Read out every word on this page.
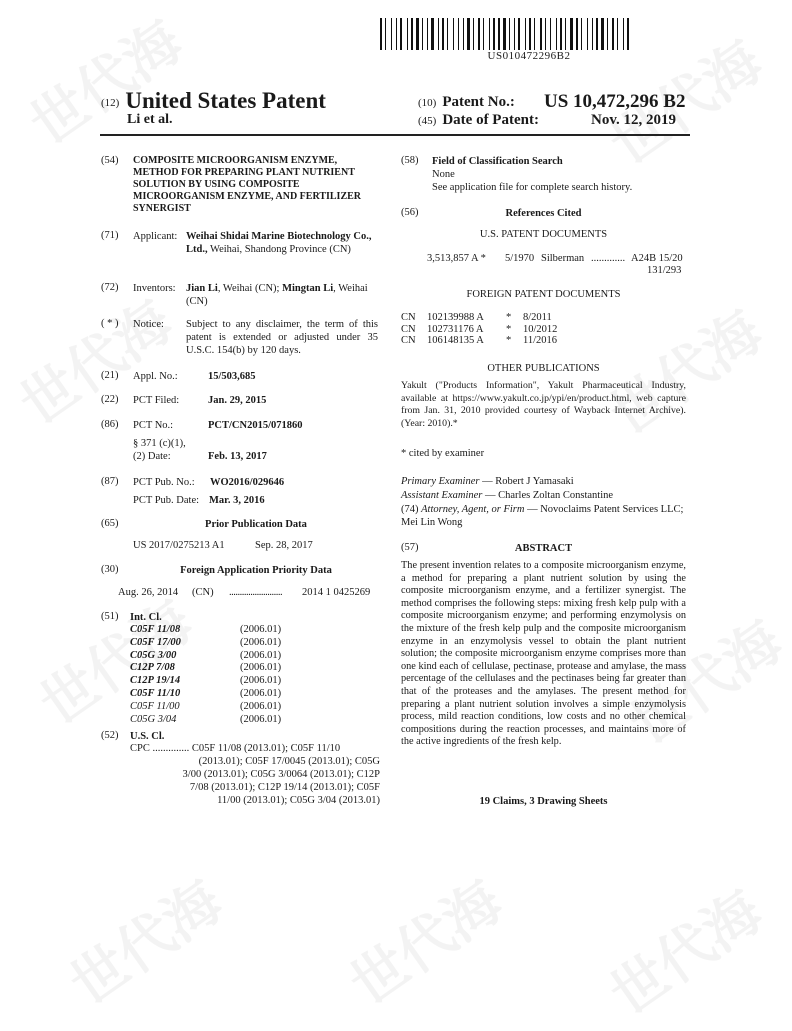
US010472296B2
(12) United States Patent
Li et al.
(10) Patent No.: US 10,472,296 B2
(45) Date of Patent:	Nov. 12, 2019
(54) COMPOSITE MICROORGANISM ENZYME, METHOD FOR PREPARING PLANT NUTRIENT SOLUTION BY USING COMPOSITE MICROORGANISM ENZYME, AND FERTILIZER SYNERGIST
(71) Applicant: Weihai Shidai Marine Biotechnology Co., Ltd., Weihai, Shandong Province (CN)
(72) Inventors: Jian Li, Weihai (CN); Mingtan Li, Weihai (CN)
( * ) Notice: Subject to any disclaimer, the term of this patent is extended or adjusted under 35 U.S.C. 154(b) by 120 days.
(21) Appl. No.:	15/503,685
(22) PCT Filed:	Jan. 29, 2015
(86) PCT No.:	PCT/CN2015/071860
§ 371 (c)(1),
(2) Date:	Feb. 13, 2017
(87) PCT Pub. No.: WO2016/029646
PCT Pub. Date: Mar. 3, 2016
(65)	Prior Publication Data
US 2017/0275213 A1	Sep. 28, 2017
(30)	Foreign Application Priority Data
Aug. 26, 2014 (CN) ......................... 2014 1 0425269
(51) Int. Cl.
C05F 11/08	(2006.01)
C05F 17/00	(2006.01)
C05G 3/00	(2006.01)
C12P 7/08	(2006.01)
C12P 19/14	(2006.01)
C05F 11/10	(2006.01)
C05F 11/00	(2006.01)
C05G 3/04	(2006.01)
(52) U.S. Cl.
CPC .............. C05F 11/08 (2013.01); C05F 11/10
(2013.01); C05F 17/0045 (2013.01); C05G
3/00 (2013.01); C05G 3/0064 (2013.01); C12P
7/08 (2013.01); C12P 19/14 (2013.01); C05F
11/00 (2013.01); C05G 3/04 (2013.01)
(58) Field of Classification Search
None
See application file for complete search history.
(56)	References Cited
U.S. PATENT DOCUMENTS
3,513,857 A * 5/1970 Silberman ............. A24B 15/20
131/293
FOREIGN PATENT DOCUMENTS
CN 102139988 A * 8/2011
CN 102731176 A * 10/2012
CN 106148135 A * 11/2016
OTHER PUBLICATIONS
Yakult ("Products Information", Yakult Pharmaceutical Industry, available at https://www.yakult.co.jp/ypi/en/product.html, web capture from Jan. 31, 2010 provided courtesy of Wayback Internet Archive). (Year: 2010).*
* cited by examiner
Primary Examiner — Robert J Yamasaki
Assistant Examiner — Charles Zoltan Constantine
(74) Attorney, Agent, or Firm — Novoclaims Patent Services LLC; Mei Lin Wong
(57)	ABSTRACT
The present invention relates to a composite microorganism enzyme, a method for preparing a plant nutrient solution by using the composite microorganism enzyme, and a fertilizer synergist. The method comprises the following steps: mixing fresh kelp pulp with a composite microorganism enzyme; and performing enzymolysis on the mixture of the fresh kelp pulp and the composite microorganism enzyme in an enzymolysis vessel to obtain the plant nutrient solution; the composite microorganism enzyme comprises more than one kind each of cellulase, pectinase, protease and amylase, the mass percentage of the cellulases and the pectinases being far greater than that of the proteases and the amylases. The present method for preparing a plant nutrient solution involves a simple enzymolysis process, mild reaction conditions, low costs and no other chemical compositions during the reaction processes, and maintains more of the active ingredients of the fresh kelp.
19 Claims, 3 Drawing Sheets
